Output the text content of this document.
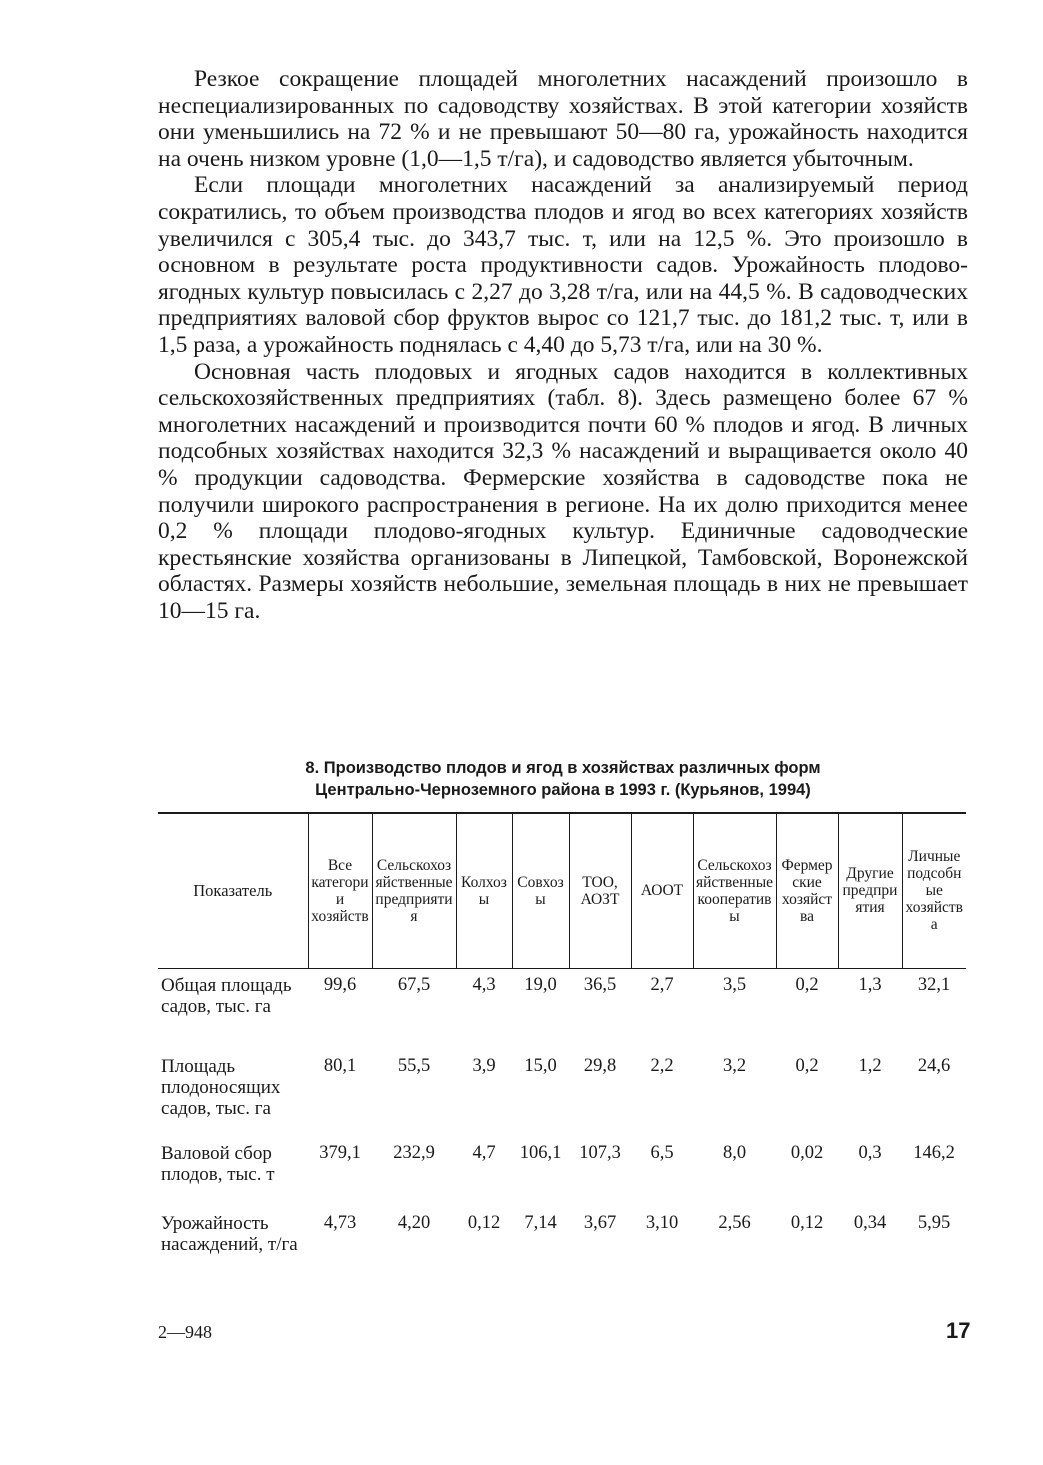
Резкое сокращение площадей многолетних насаждений произошло в неспециализированных по садоводству хозяйствах. В этой категории хозяйств они уменьшились на 72 % и не превышают 50—80 га, урожайность находится на очень низком уровне (1,0—1,5 т/га), и садоводство является убыточным.

Если площади многолетних насаждений за анализируемый период сократились, то объем производства плодов и ягод во всех категориях хозяйств увеличился с 305,4 тыс. до 343,7 тыс. т, или на 12,5 %. Это произошло в основном в результате роста продуктивности садов. Урожайность плодово-ягодных культур повысилась с 2,27 до 3,28 т/га, или на 44,5 %. В садоводческих предприятиях валовой сбор фруктов вырос со 121,7 тыс. до 181,2 тыс. т, или в 1,5 раза, а урожайность поднялась с 4,40 до 5,73 т/га, или на 30 %.

Основная часть плодовых и ягодных садов находится в коллективных сельскохозяйственных предприятиях (табл. 8). Здесь размещено более 67 % многолетних насаждений и производится почти 60 % плодов и ягод. В личных подсобных хозяйствах находится 32,3 % насаждений и выращивается около 40 % продукции садоводства. Фермерские хозяйства в садоводстве пока не получили широкого распространения в регионе. На их долю приходится менее 0,2 % площади плодово-ягодных культур. Единичные садоводческие крестьянские хозяйства организованы в Липецкой, Тамбовской, Воронежской областях. Размеры хозяйств небольшие, земельная площадь в них не превышает 10—15 га.

8. Производство плодов и ягод в хозяйствах различных форм
Центрально-Черноземного района в 1993 г. (Курьянов, 1994)
Показатель	Все категории хозяйств	Сельскохозяйственные предприятия	Колхозы	Совхозы	ТОО, АОЗТ	АООТ	Сельскохозяйственные кооперативы	Фермерские хозяйства	Другие предприятия	Личные подсобные хозяйства
Общая площадь садов, тыс. га	99,6	67,5	4,3	19,0	36,5	2,7	3,5	0,2	1,3	32,1
Площадь плодоносящих садов, тыс. га	80,1	55,5	3,9	15,0	29,8	2,2	3,2	0,2	1,2	24,6
Валовой сбор плодов, тыс. т	379,1	232,9	4,7	106,1	107,3	6,5	8,0	0,02	0,3	146,2
Урожайность насаждений, т/га	4,73	4,20	0,12	7,14	3,67	3,10	2,56	0,12	0,34	5,95
2—948	17
